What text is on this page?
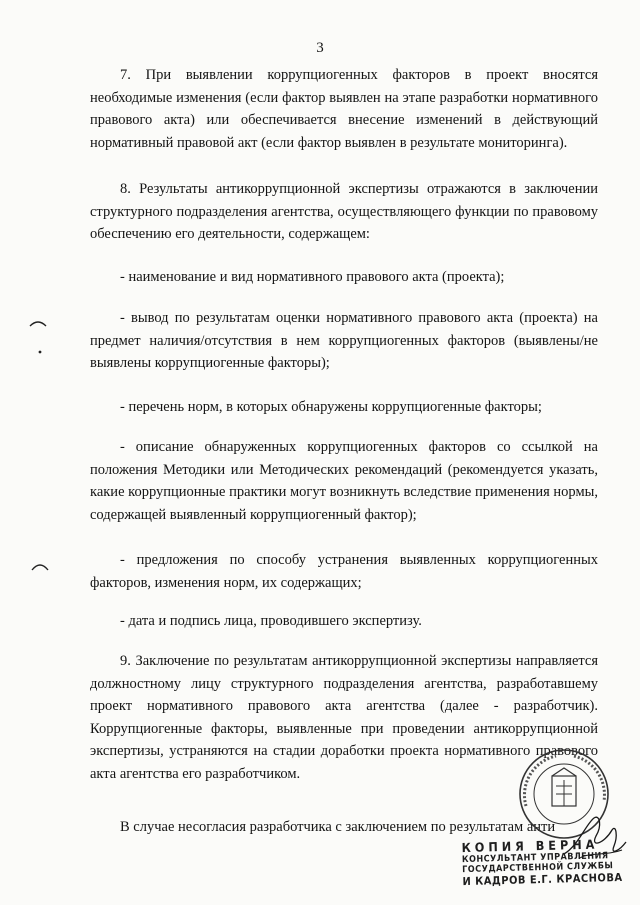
3

7. При выявлении коррупциогенных факторов в проект вносятся необходимые изменения (если фактор выявлен на этапе разработки нормативного правового акта) или обеспечивается внесение изменений в действующий нормативный правовой акт (если фактор выявлен в результате мониторинга).

8. Результаты антикоррупционной экспертизы отражаются в заключении структурного подразделения агентства, осуществляющего функции по правовому обеспечению его деятельности, содержащем:

- наименование и вид нормативного правового акта (проекта);

- вывод по результатам оценки нормативного правового акта (проекта) на предмет наличия/отсутствия в нем коррупциогенных факторов (выявлены/не выявлены коррупциогенные факторы);

- перечень норм, в которых обнаружены коррупциогенные факторы;

- описание обнаруженных коррупциогенных факторов со ссылкой на положения Методики или Методических рекомендаций (рекомендуется указать, какие коррупционные практики могут возникнуть вследствие применения нормы, содержащей выявленный коррупциогенный фактор);

- предложения по способу устранения выявленных коррупциогенных факторов, изменения норм, их содержащих;

- дата и подпись лица, проводившего экспертизу.

9. Заключение по результатам антикоррупционной экспертизы направляется должностному лицу структурного подразделения агентства, разработавшему проект нормативного правового акта агентства (далее - разработчик). Коррупциогенные факторы, выявленные при проведении антикоррупционной экспертизы, устраняются на стадии доработки проекта нормативного правового акта агентства его разработчиком.

В случае несогласия разработчика с заключением по результатам анти

КОПИЯ ВЕРНА
КОНСУЛЬТАНТ УПРАВЛЕНИЯ
ГОСУДАРСТВЕННОЙ СЛУЖБЫ
И КАДРОВ Е.Г. КРАСНОВА
